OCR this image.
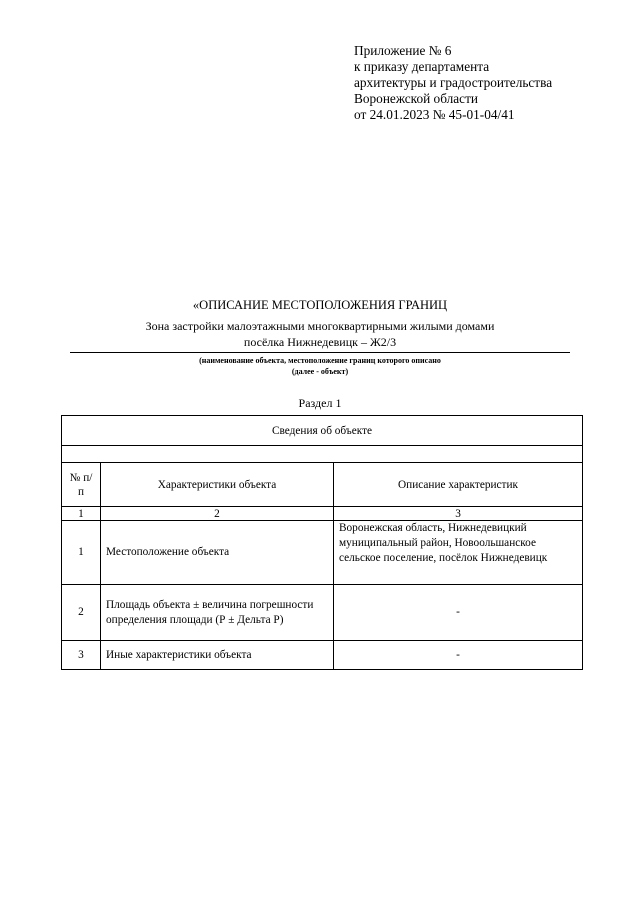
Приложение № 6
к приказу департамента
архитектуры и градостроительства
Воронежской области
от 24.01.2023 № 45-01-04/41
«ОПИСАНИЕ МЕСТОПОЛОЖЕНИЯ ГРАНИЦ
Зона застройки малоэтажными многоквартирными жилыми домами
посёлка Нижнедевицк – Ж2/3
(наименование объекта, местоположение границ которого описано
(далее - объект)
Раздел 1
Сведения об объекте		

№ п/п	Характеристики объекта	Описание характеристик
1	2	3
1	Местоположение объекта	Воронежская область, Нижнедевицкий муниципальный район, Новоольшанское сельское поселение, посёлок Нижнедевицк
2	Площадь объекта ± величина погрешности определения площади (Р ± Дельта Р)	-
3	Иные характеристики объекта	-
